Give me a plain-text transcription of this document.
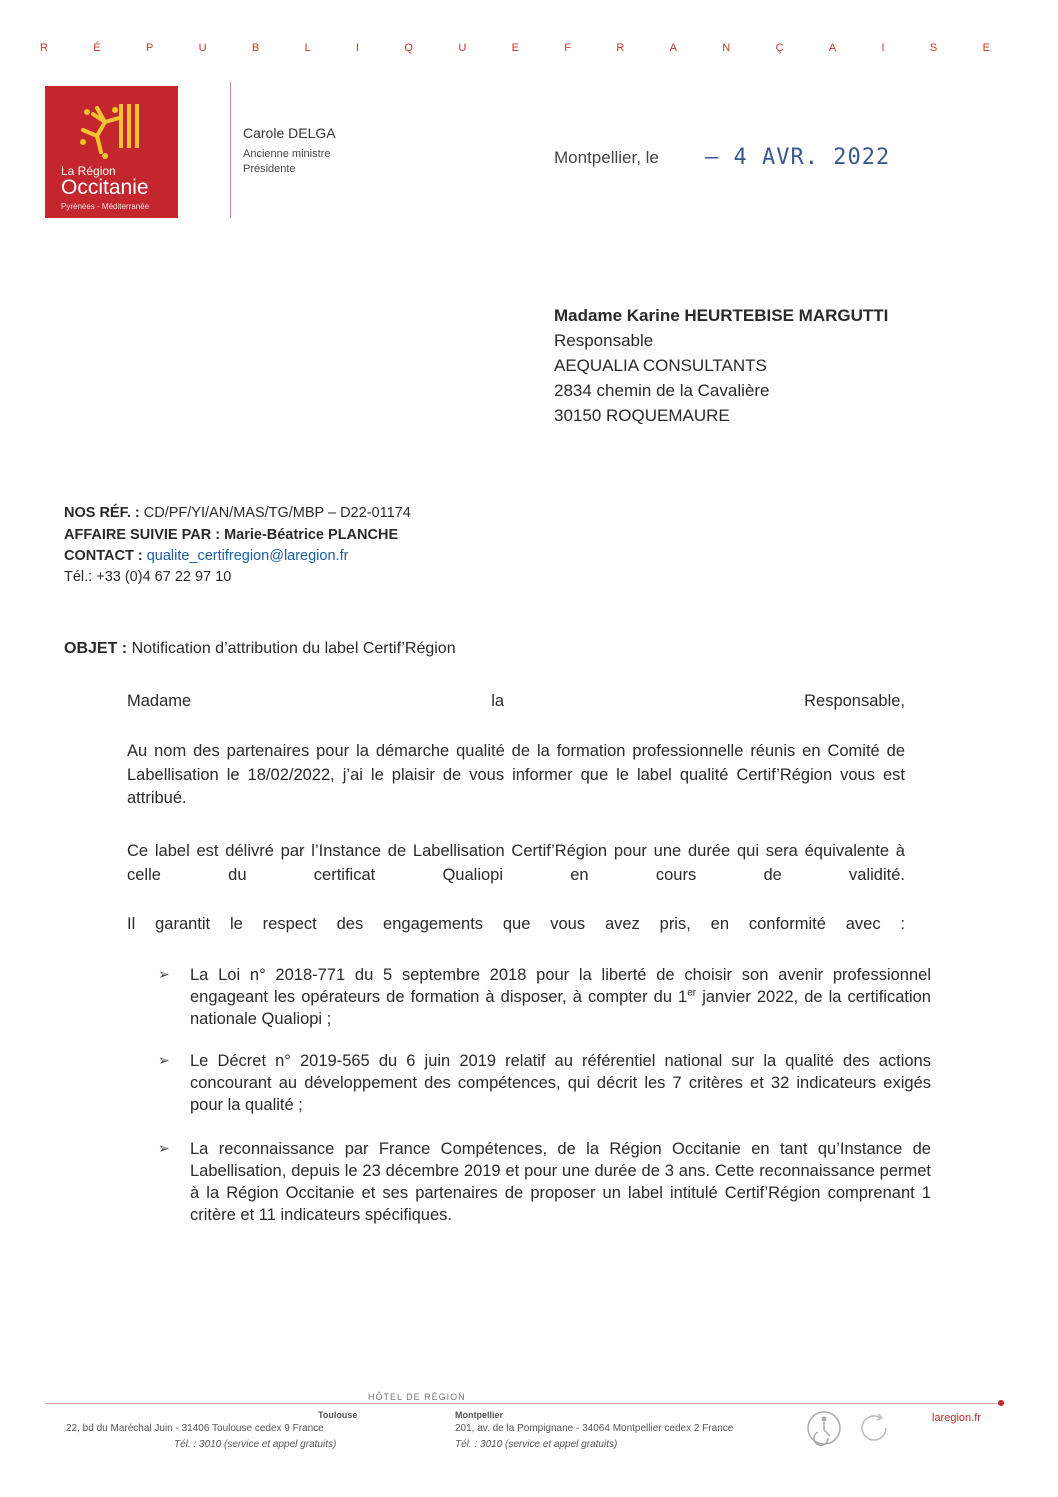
R	É	P	U	B	L	I	Q	U	E	F	R	A	N	Ç	A	I	S	E
La Région
Occitanie
Pyrénées - Méditerranée
Carole DELGA
Ancienne ministre
Présidente
Montpellier, le – 4 AVR. 2022
Madame Karine HEURTEBISE MARGUTTI
Responsable
AEQUALIA CONSULTANTS
2834 chemin de la Cavalière
30150 ROQUEMAURE
NOS RÉF. : CD/PF/YI/AN/MAS/TG/MBP – D22-01174
AFFAIRE SUIVIE PAR : Marie-Béatrice PLANCHE
CONTACT : qualite_certifregion@laregion.fr
Tél.: +33 (0)4 67 22 97 10
OBJET : Notification d’attribution du label Certif’Région
Madame la Responsable,
Au nom des partenaires pour la démarche qualité de la formation professionnelle réunis en Comité de Labellisation le 18/02/2022, j’ai le plaisir de vous informer que le label qualité Certif’Région vous est attribué.
Ce label est délivré par l’Instance de Labellisation Certif’Région pour une durée qui sera équivalente à celle du certificat Qualiopi en cours de validité.
Il garantit le respect des engagements que vous avez pris, en conformité avec :
➢ La Loi n° 2018-771 du 5 septembre 2018 pour la liberté de choisir son avenir professionnel engageant les opérateurs de formation à disposer, à compter du 1er janvier 2022, de la certification nationale Qualiopi ;
➢ Le Décret n° 2019-565 du 6 juin 2019 relatif au référentiel national sur la qualité des actions concourant au développement des compétences, qui décrit les 7 critères et 32 indicateurs exigés pour la qualité ;
➢ La reconnaissance par France Compétences, de la Région Occitanie en tant qu’Instance de Labellisation, depuis le 23 décembre 2019 et pour une durée de 3 ans. Cette reconnaissance permet à la Région Occitanie et ses partenaires de proposer un label intitulé Certif’Région comprenant 1 critère et 11 indicateurs spécifiques.
HÔTEL DE RÉGION
Toulouse
22, bd du Maréchal Juin - 31406 Toulouse cedex 9 France
Tél. : 3010 (service et appel gratuits)
Montpellier
201, av. de la Pompignane - 34064 Montpellier cedex 2 France
Tél. : 3010 (service et appel gratuits)
laregion.fr
